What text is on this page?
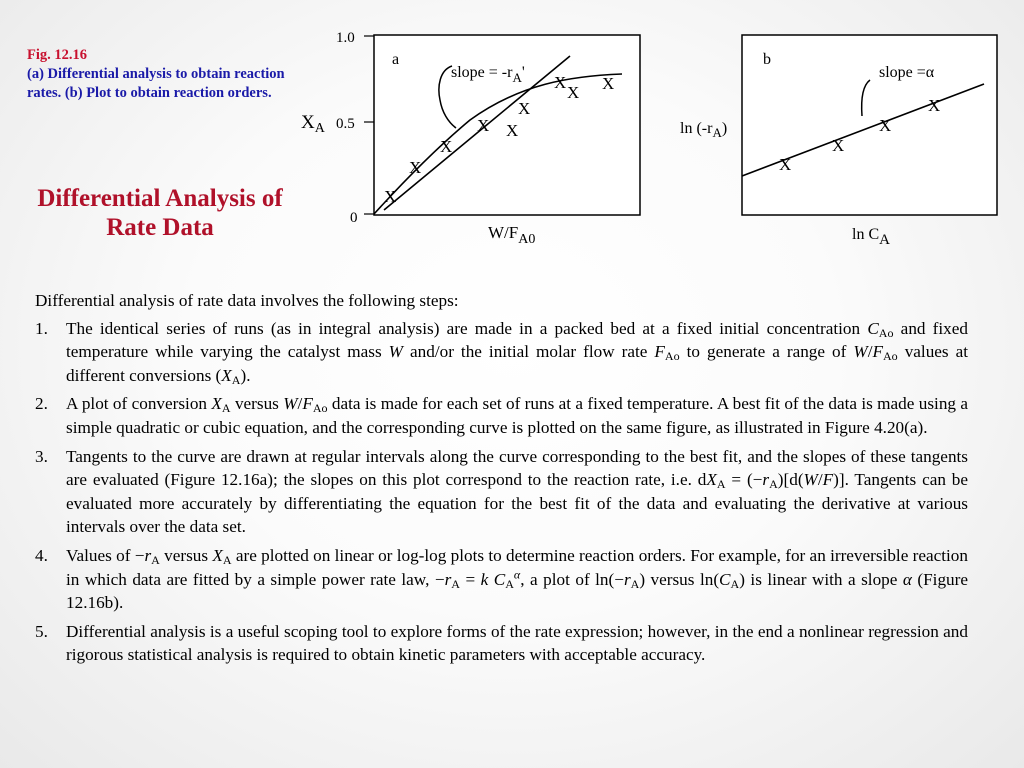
Fig. 12.16
(a) Differential analysis to obtain reaction rates. (b) Plot to obtain reaction orders.
Differential Analysis of Rate Data
1.0
0.5
0
$X_A$
$W/F_{A0}$
a
slope = $-r_A'$
X
X
X
X X
X
X
X X
b
slope =α
$\ln (-r_A)$
ln CA
X
X
X
X

Differential analysis of rate data involves the following steps:

1. The identical series of runs (as in integral analysis) are made in a packed bed at a fixed initial concentration $C_{Ao}$ and fixed temperature while varying the catalyst mass W and/or the initial molar flow rate $F_{Ao}$ to generate a range of $W/F_{Ao}$ values at different conversions $(X_A)$.
2. A plot of conversion $X_A$ versus $W/F_{Ao}$ data is made for each set of runs at a fixed temperature. A best fit of the data is made using a simple quadratic or cubic equation, and the corresponding curve is plotted on the same figure, as illustrated in Figure 4.20(a).
3. Tangents to the curve are drawn at regular intervals along the curve corresponding to the best fit, and the slopes of these tangents are evaluated (Figure 12.16a); the slopes on this plot correspond to the reaction rate, i.e. $dX_A = (-r_A)[d(W/F)]$. Tangents can be evaluated more accurately by differentiating the equation for the best fit of the data and evaluating the derivative at various intervals over the data set.
4. Values of $-r_A$ versus $X_A$ are plotted on linear or log-log plots to determine reaction orders. For example, for an irreversible reaction in which data are fitted by a simple power rate law, $-r_A = k$ $C_A^\alpha$, a plot of $\ln(-r_A)$ versus $\ln(C_A)$ is linear with a slope α (Figure 12.16b).
5. Differential analysis is a useful scoping tool to explore forms of the rate expression; however, in the end a nonlinear regression and rigorous statistical analysis is required to obtain kinetic parameters with acceptable accuracy.
